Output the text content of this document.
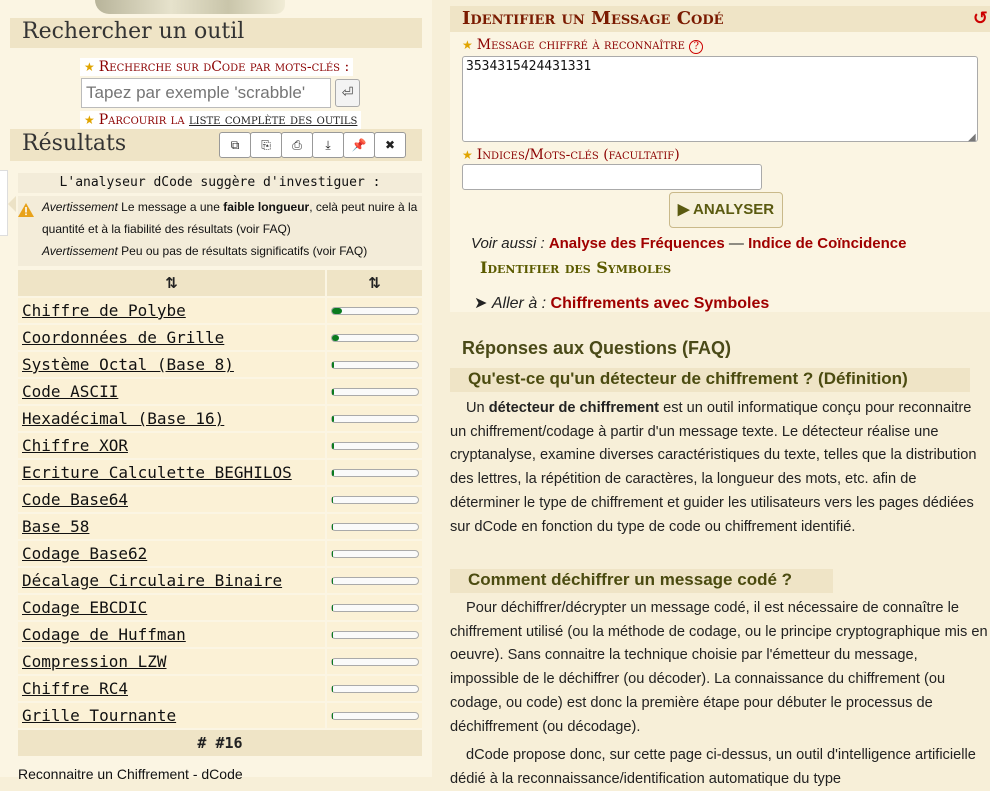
Rechercher un outil
★ Recherche sur dCode par mots-clés :
Tapez par exemple 'scrabble'
⏎
★ Parcourir la liste complète des outils
Résultats	⧉	⎘	⎙	⤓	📌	✖
L'analyseur dCode suggère d'investiguer :
Avertissement Le message a une faible longueur, celà peut nuire à la quantité et à la fiabilité des résultats (voir FAQ)
Avertissement Peu ou pas de résultats significatifs (voir FAQ)
⇅	⇅
Chiffre de Polybe
Coordonnées de Grille
Système Octal (Base 8)
Code ASCII
Hexadécimal (Base 16)
Chiffre XOR
Ecriture Calculette BEGHILOS
Code Base64
Base 58
Codage Base62
Décalage Circulaire Binaire
Codage EBCDIC
Codage de Huffman
Compression LZW
Chiffre RC4
Grille Tournante
# #16
Reconnaitre un Chiffrement - dCode
Identifier un Message Codé	↺
★ Message chiffré à reconnaître ?
3534315424431331
◢
★ Indices/Mots-clés (facultatif)
▶ ANALYSER
Voir aussi : Analyse des Fréquences — Indice de Coïncidence
Identifier des Symboles
➤ Aller à : Chiffrements avec Symboles
Réponses aux Questions (FAQ)
Qu'est-ce qu'un détecteur de chiffrement ? (Définition)
Un détecteur de chiffrement est un outil informatique conçu pour reconnaitre un chiffrement/codage à partir d'un message texte. Le détecteur réalise une cryptanalyse, examine diverses caractéristiques du texte, telles que la distribution des lettres, la répétition de caractères, la longueur des mots, etc. afin de déterminer le type de chiffrement et guider les utilisateurs vers les pages dédiées sur dCode en fonction du type de code ou chiffrement identifié.
Comment déchiffrer un message codé ?
Pour déchiffrer/décrypter un message codé, il est nécessaire de connaître le chiffrement utilisé (ou la méthode de codage, ou le principe cryptographique mis en oeuvre). Sans connaitre la technique choisie par l'émetteur du message, impossible de le déchiffrer (ou décoder). La connaissance du chiffrement (ou codage, ou code) est donc la première étape pour débuter le processus de déchiffrement (ou décodage).
dCode propose donc, sur cette page ci-dessus, un outil d'intelligence artificielle dédié à la reconnaissance/identification automatique du type
